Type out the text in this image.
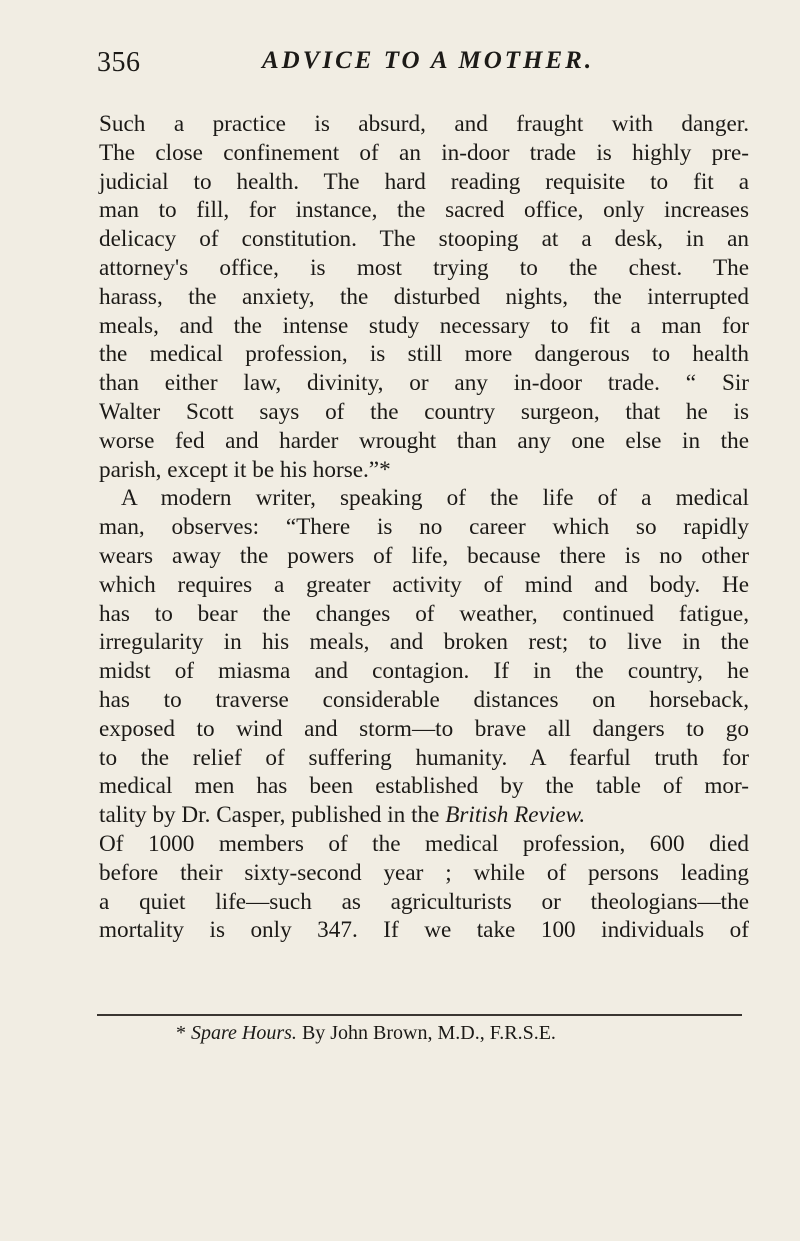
356	ADVICE TO A MOTHER.
Such a practice is absurd, and fraught with danger.
The close confinement of an in-door trade is highly pre-
judicial to health. The hard reading requisite to fit a
man to fill, for instance, the sacred office, only increases
delicacy of constitution. The stooping at a desk, in an
attorney's office, is most trying to the chest. The
harass, the anxiety, the disturbed nights, the interrupted
meals, and the intense study necessary to fit a man for
the medical profession, is still more dangerous to health
than either law, divinity, or any in-door trade. “ Sir
Walter Scott says of the country surgeon, that he is
worse fed and harder wrought than any one else in the
parish, except it be his horse.”*
A modern writer, speaking of the life of a medical
man, observes: “There is no career which so rapidly
wears away the powers of life, because there is no other
which requires a greater activity of mind and body. He
has to bear the changes of weather, continued fatigue,
irregularity in his meals, and broken rest; to live in the
midst of miasma and contagion. If in the country, he
has to traverse considerable distances on horseback,
exposed to wind and storm—to brave all dangers to go
to the relief of suffering humanity. A fearful truth for
medical men has been established by the table of mor-
tality by Dr. Casper, published in the British Review.
Of 1000 members of the medical profession, 600 died
before their sixty-second year ; while of persons leading
a quiet life—such as agriculturists or theologians—the
mortality is only 347. If we take 100 individuals of
* Spare Hours. By John Brown, M.D., F.R.S.E.
